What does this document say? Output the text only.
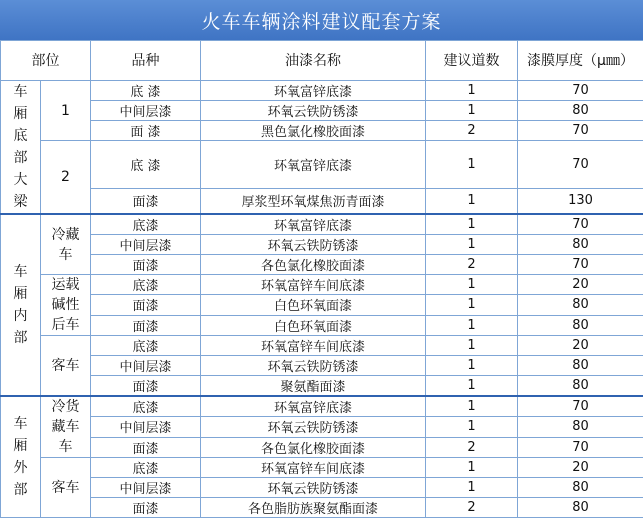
火车车辆涂料建议配套方案
部位		品种	油漆名称	建议道数	漆膜厚度（μ㎜）
车厢底部大梁	1	底 漆	环氧富锌底漆	1	70
		中间层漆	环氧云铁防锈漆	1	80
		面 漆	黑色氯化橡胶面漆	2	70
	2	底 漆	环氧富锌底漆	1	70
		面漆	厚浆型环氧煤焦沥青面漆	1	130
车厢内部	冷藏车	底漆	环氧富锌底漆	1	70
		中间层漆	环氧云铁防锈漆	1	80
		面漆	各色氯化橡胶面漆	2	70
	运载碱性后车	底漆	环氧富锌车间底漆	1	20
		面漆	白色环氧面漆	1	80
		面漆	白色环氧面漆	1	80
	客车	底漆	环氧富锌车间底漆	1	20
		中间层漆	环氧云铁防锈漆	1	80
		面漆	聚氨酯面漆	1	80
车厢外部	冷货藏车车	底漆	环氧富锌底漆	1	70
		中间层漆	环氧云铁防锈漆	1	80
		面漆	各色氯化橡胶面漆	2	70
	客车	底漆	环氧富锌车间底漆	1	20
		中间层漆	环氧云铁防锈漆	1	80
		面漆	各色脂肪族聚氨酯面漆	2	80
